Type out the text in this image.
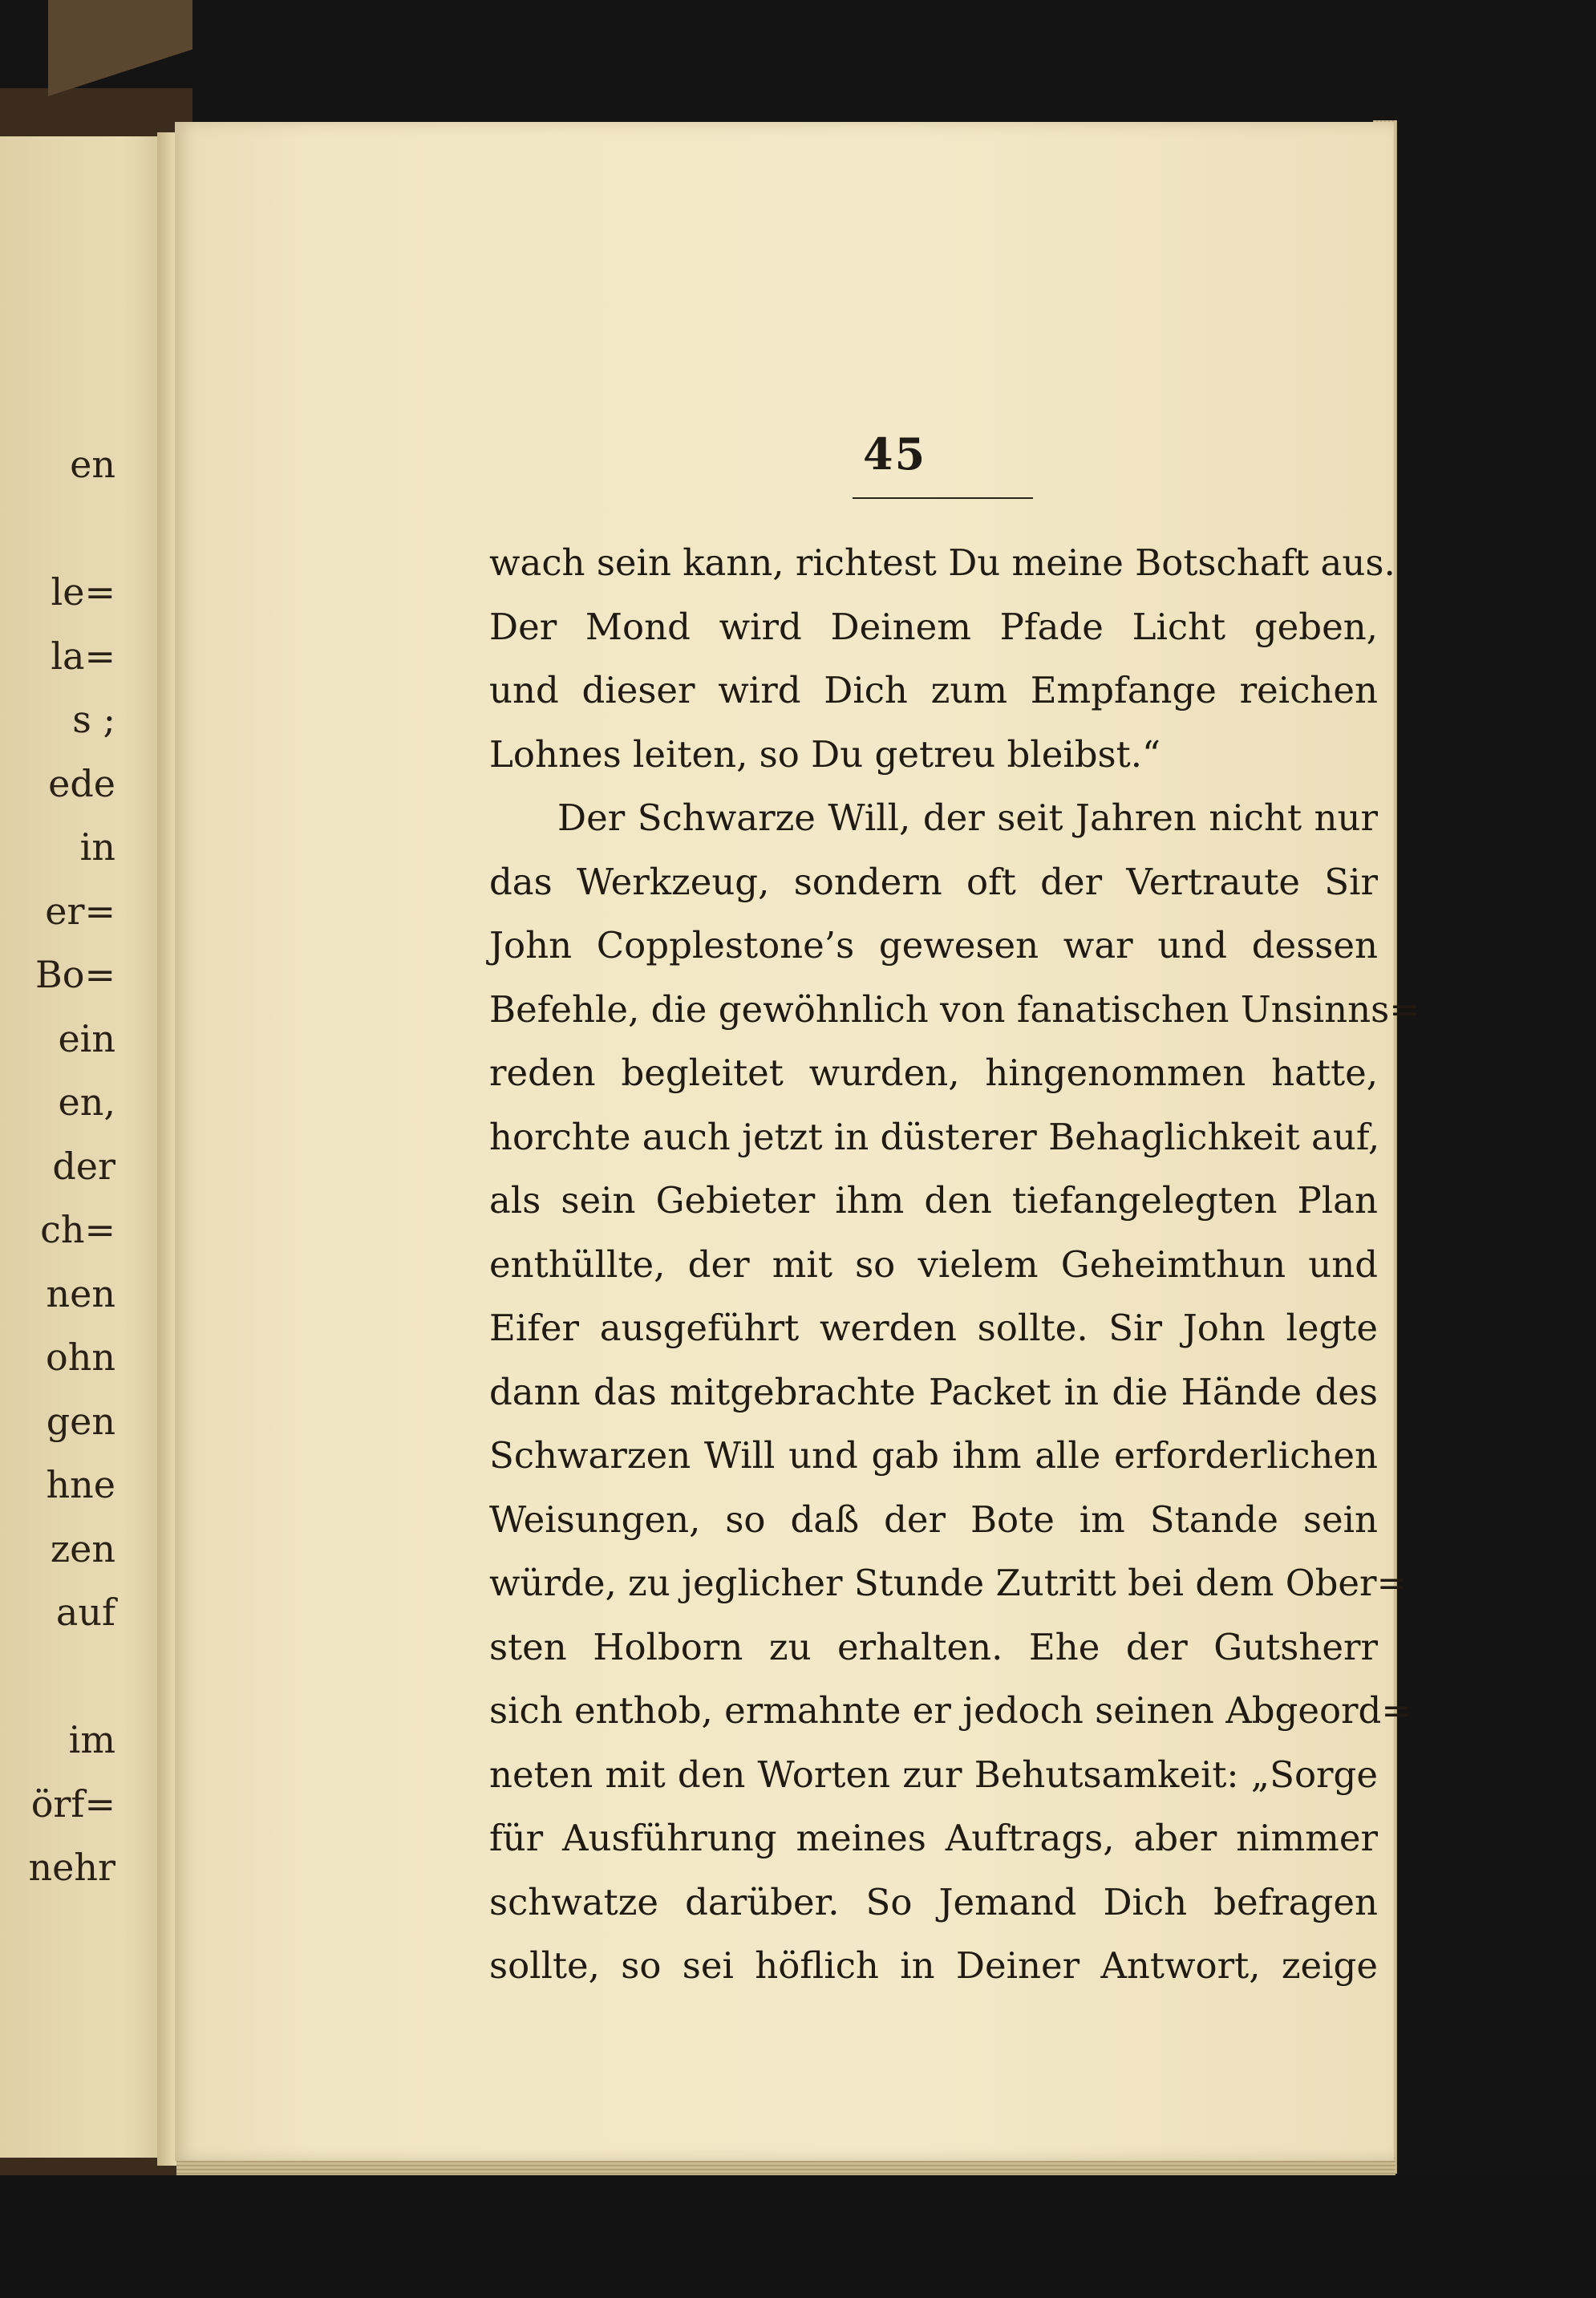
en
le=
la=
s ;
ede
in
er=
Bo=
ein
en,
der
ch=
nen
ohn
gen
hne
zen
auf
im
örf=
nehr
45
wach sein kann, richtest Du meine Botschaft aus.
Der Mond wird Deinem Pfade Licht geben,
und dieser wird Dich zum Empfange reichen
Lohnes leiten, so Du getreu bleibst.“
Der Schwarze Will, der seit Jahren nicht nur
das Werkzeug, sondern oft der Vertraute Sir
John Copplestone’s gewesen war und dessen
Befehle, die gewöhnlich von fanatischen Unsinns=
reden begleitet wurden, hingenommen hatte,
horchte auch jetzt in düsterer Behaglichkeit auf,
als sein Gebieter ihm den tiefangelegten Plan
enthüllte, der mit so vielem Geheimthun und
Eifer ausgeführt werden sollte. Sir John legte
dann das mitgebrachte Packet in die Hände des
Schwarzen Will und gab ihm alle erforderlichen
Weisungen, so daß der Bote im Stande sein
würde, zu jeglicher Stunde Zutritt bei dem Ober=
sten Holborn zu erhalten. Ehe der Gutsherr
sich enthob, ermahnte er jedoch seinen Abgeord=
neten mit den Worten zur Behutsamkeit: „Sorge
für Ausführung meines Auftrags, aber nimmer
schwatze darüber. So Jemand Dich befragen
sollte, so sei höflich in Deiner Antwort, zeige
